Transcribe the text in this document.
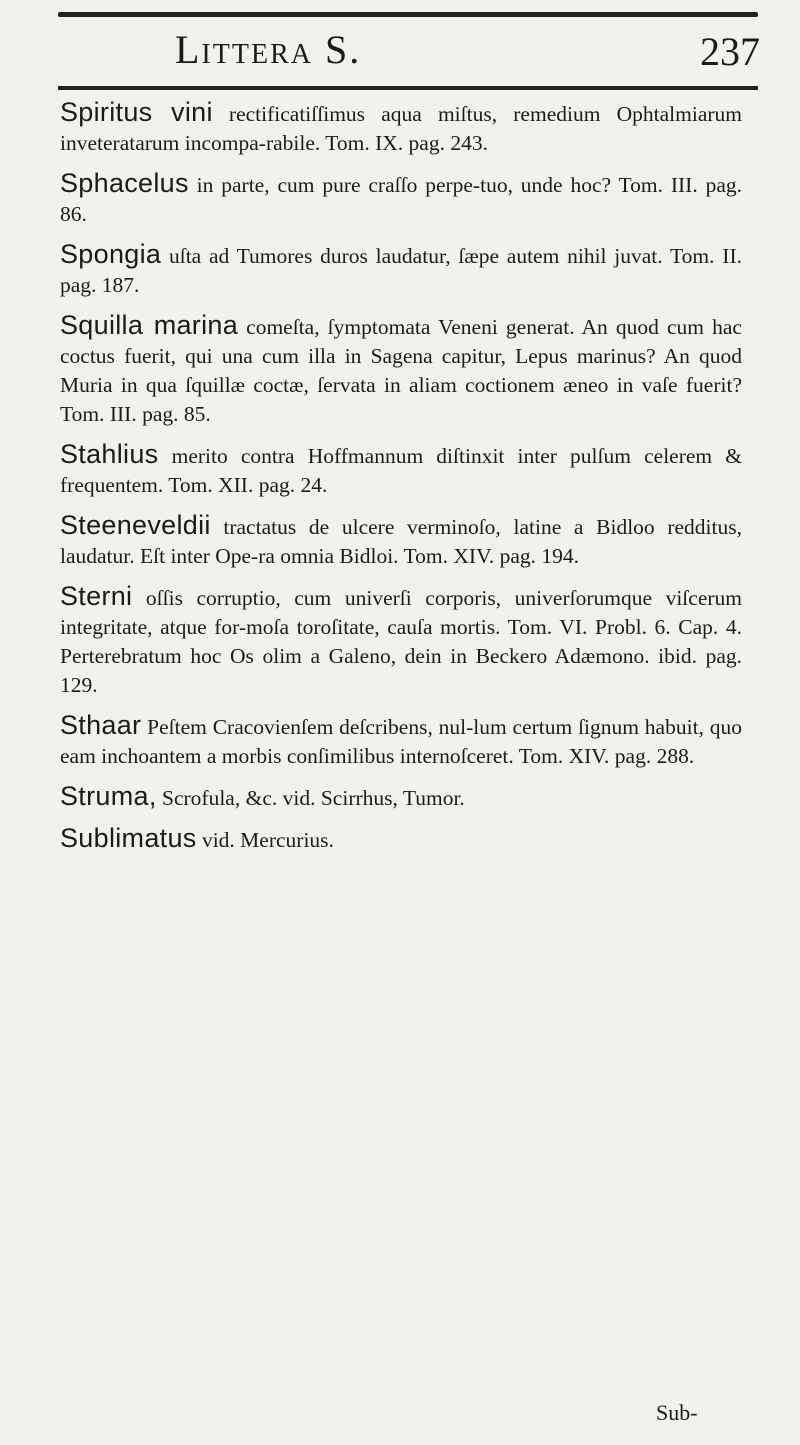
Littera S.	237

Spiritus vini rectificatiſſimus aqua miſtus, remedium Ophtalmiarum inveteratarum incompa-rabile. Tom. IX. pag. 243.

Sphacelus in parte, cum pure craſſo perpe-tuo, unde hoc? Tom. III. pag. 86.

Spongia uſta ad Tumores duros laudatur, ſæpe autem nihil juvat. Tom. II. pag. 187.

Squilla marina comeſta, ſymptomata Veneni generat. An quod cum hac coctus fuerit, qui una cum illa in Sagena capitur, Lepus marinus? An quod Muria in qua ſquillæ coctæ, ſervata in aliam coctionem æneo in vaſe fuerit? Tom. III. pag. 85.

Stahlius merito contra Hoffmannum diſtinxit inter pulſum celerem & frequentem. Tom. XII. pag. 24.

Steeneveldii tractatus de ulcere verminoſo, latine a Bidloo redditus, laudatur. Eſt inter Ope-ra omnia Bidloi. Tom. XIV. pag. 194.

Sterni oſſis corruptio, cum univerſi corporis, univerſorumque viſcerum integritate, atque for-moſa toroſitate, cauſa mortis. Tom. VI. Probl. 6. Cap. 4. Perterebratum hoc Os olim a Galeno, dein in Beckero Adæmono. ibid. pag. 129.

Sthaar Peſtem Cracovienſem deſcribens, nul-lum certum ſignum habuit, quo eam inchoantem a morbis conſimilibus internoſceret. Tom. XIV. pag. 288.

Struma, Scrofula, &c. vid. Scirrhus, Tumor.

Sublimatus vid. Mercurius.

Sub-
